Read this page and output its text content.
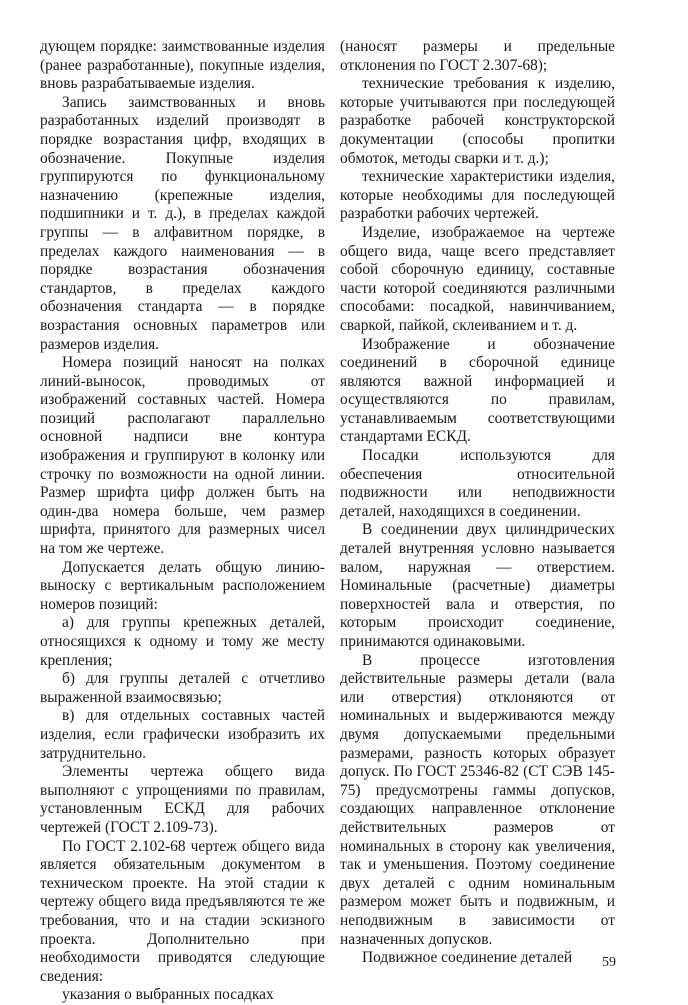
дующем порядке: заимствованные изделия (ранее разработанные), покупные изделия, вновь разрабатываемые изделия.

Запись заимствованных и вновь разработанных изделий производят в порядке возрастания цифр, входящих в обозначение. Покупные изделия группируются по функциональному назначению (крепежные изделия, подшипники и т. д.), в пределах каждой группы — в алфавитном порядке, в пределах каждого наименования — в порядке возрастания обозначения стандартов, в пределах каждого обозначения стандарта — в порядке возрастания основных параметров или размеров изделия.

Номера позиций наносят на полках линий-выносок, проводимых от изображений составных частей. Номера позиций располагают параллельно основной надписи вне контура изображения и группируют в колонку или строчку по возможности на одной линии. Размер шрифта цифр должен быть на один-два номера больше, чем размер шрифта, принятого для размерных чисел на том же чертеже.

Допускается делать общую линию-выноску с вертикальным расположением номеров позиций:

а) для группы крепежных деталей, относящихся к одному и тому же месту крепления;

б) для группы деталей с отчетливо выраженной взаимосвязью;

в) для отдельных составных частей изделия, если графически изобразить их затруднительно.

Элементы чертежа общего вида выполняют с упрощениями по правилам, установленным ЕСКД для рабочих чертежей (ГОСТ 2.109-73).

По ГОСТ 2.102-68 чертеж общего вида является обязательным документом в техническом проекте. На этой стадии к чертежу общего вида предъявляются те же требования, что и на стадии эскизного проекта. Дополнительно при необходимости приводятся следующие сведения:

указания о выбранных посадках

(наносят размеры и предельные отклонения по ГОСТ 2.307-68);

технические требования к изделию, которые учитываются при последующей разработке рабочей конструкторской документации (способы пропитки обмоток, методы сварки и т. д.);

технические характеристики изделия, которые необходимы для последующей разработки рабочих чертежей.

Изделие, изображаемое на чертеже общего вида, чаще всего представляет собой сборочную единицу, составные части которой соединяются различными способами: посадкой, навинчиванием, сваркой, пайкой, склеиванием и т. д.

Изображение и обозначение соединений в сборочной единице являются важной информацией и осуществляются по правилам, устанавливаемым соответствующими стандартами ЕСКД.

Посадки используются для обеспечения относительной подвижности или неподвижности деталей, находящихся в соединении.

В соединении двух цилиндрических деталей внутренняя условно называется валом, наружная — отверстием. Номинальные (расчетные) диаметры поверхностей вала и отверстия, по которым происходит соединение, принимаются одинаковыми.

В процессе изготовления действительные размеры детали (вала или отверстия) отклоняются от номинальных и выдерживаются между двумя допускаемыми предельными размерами, разность которых образует допуск. По ГОСТ 25346-82 (СТ СЭВ 145-75) предусмотрены гаммы допусков, создающих направленное отклонение действительных размеров от номинальных в сторону как увеличения, так и уменьшения. Поэтому соединение двух деталей с одним номинальным размером может быть и подвижным, и неподвижным в зависимости от назначенных допусков.

Подвижное соединение деталей	59
